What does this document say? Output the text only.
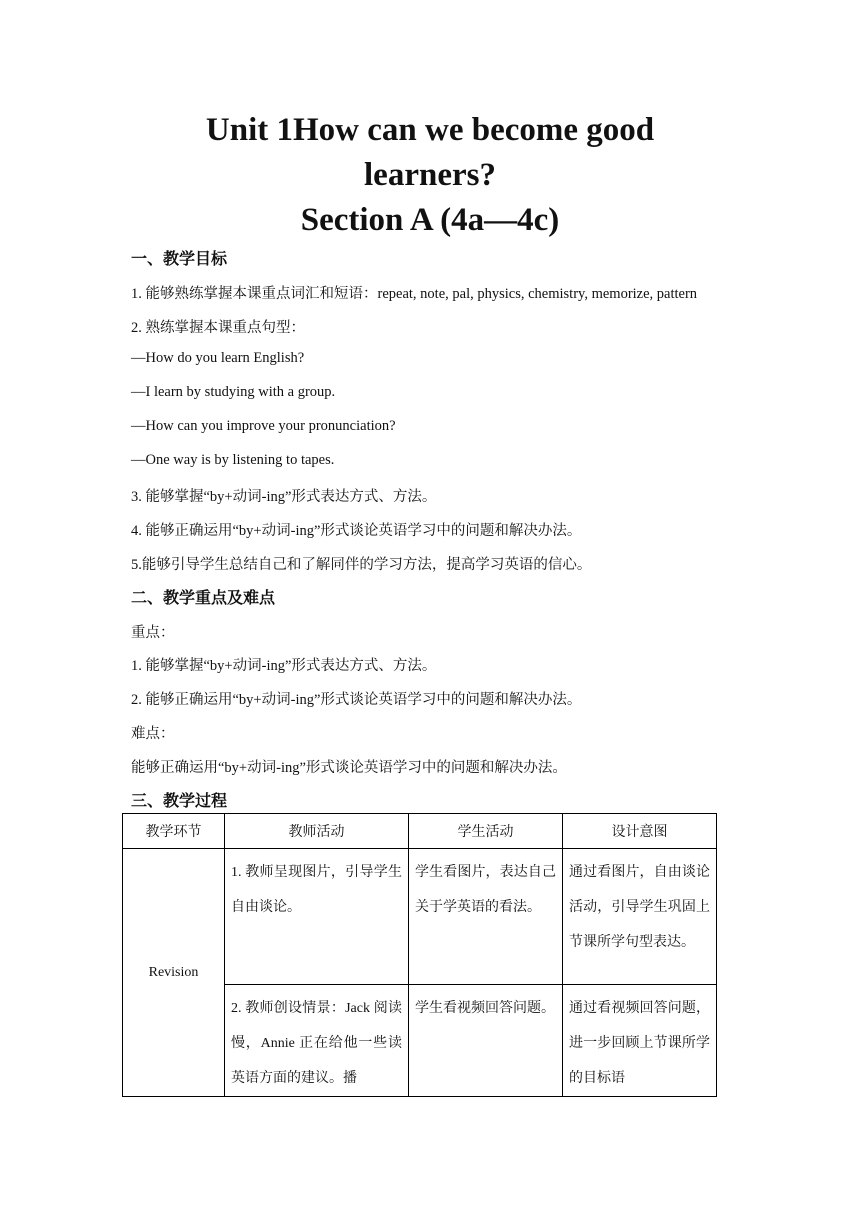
Unit 1How can we become good
learners?
Section A (4a—4c)
一、教学目标
1. 能够熟练掌握本课重点词汇和短语：repeat, note, pal, physics, chemistry, memorize, pattern
2. 熟练掌握本课重点句型：
—How do you learn English?
—I learn by studying with a group.
—How can you improve your pronunciation?
—One way is by listening to tapes.
3. 能够掌握“by+动词-ing”形式表达方式、方法。
4. 能够正确运用“by+动词-ing”形式谈论英语学习中的问题和解决办法。
5.能够引导学生总结自己和了解同伴的学习方法，提高学习英语的信心。
二、教学重点及难点
重点：
1. 能够掌握“by+动词-ing”形式表达方式、方法。
2. 能够正确运用“by+动词-ing”形式谈论英语学习中的问题和解决办法。
难点：
能够正确运用“by+动词-ing”形式谈论英语学习中的问题和解决办法。
三、教学过程
教学环节	教师活动	学生活动	设计意图
Revision	1. 教师呈现图片，引导学生自由谈论。	学生看图片，表达自己关于学英语的看法。	通过看图片，自由谈论活动，引导学生巩固上节课所学句型表达。

	2. 教师创设情景：Jack 阅读慢，Annie 正在给他一些读英语方面的建议。播	学生看视频回答问题。	通过看视频回答问题，进一步回顾上节课所学的目标语
